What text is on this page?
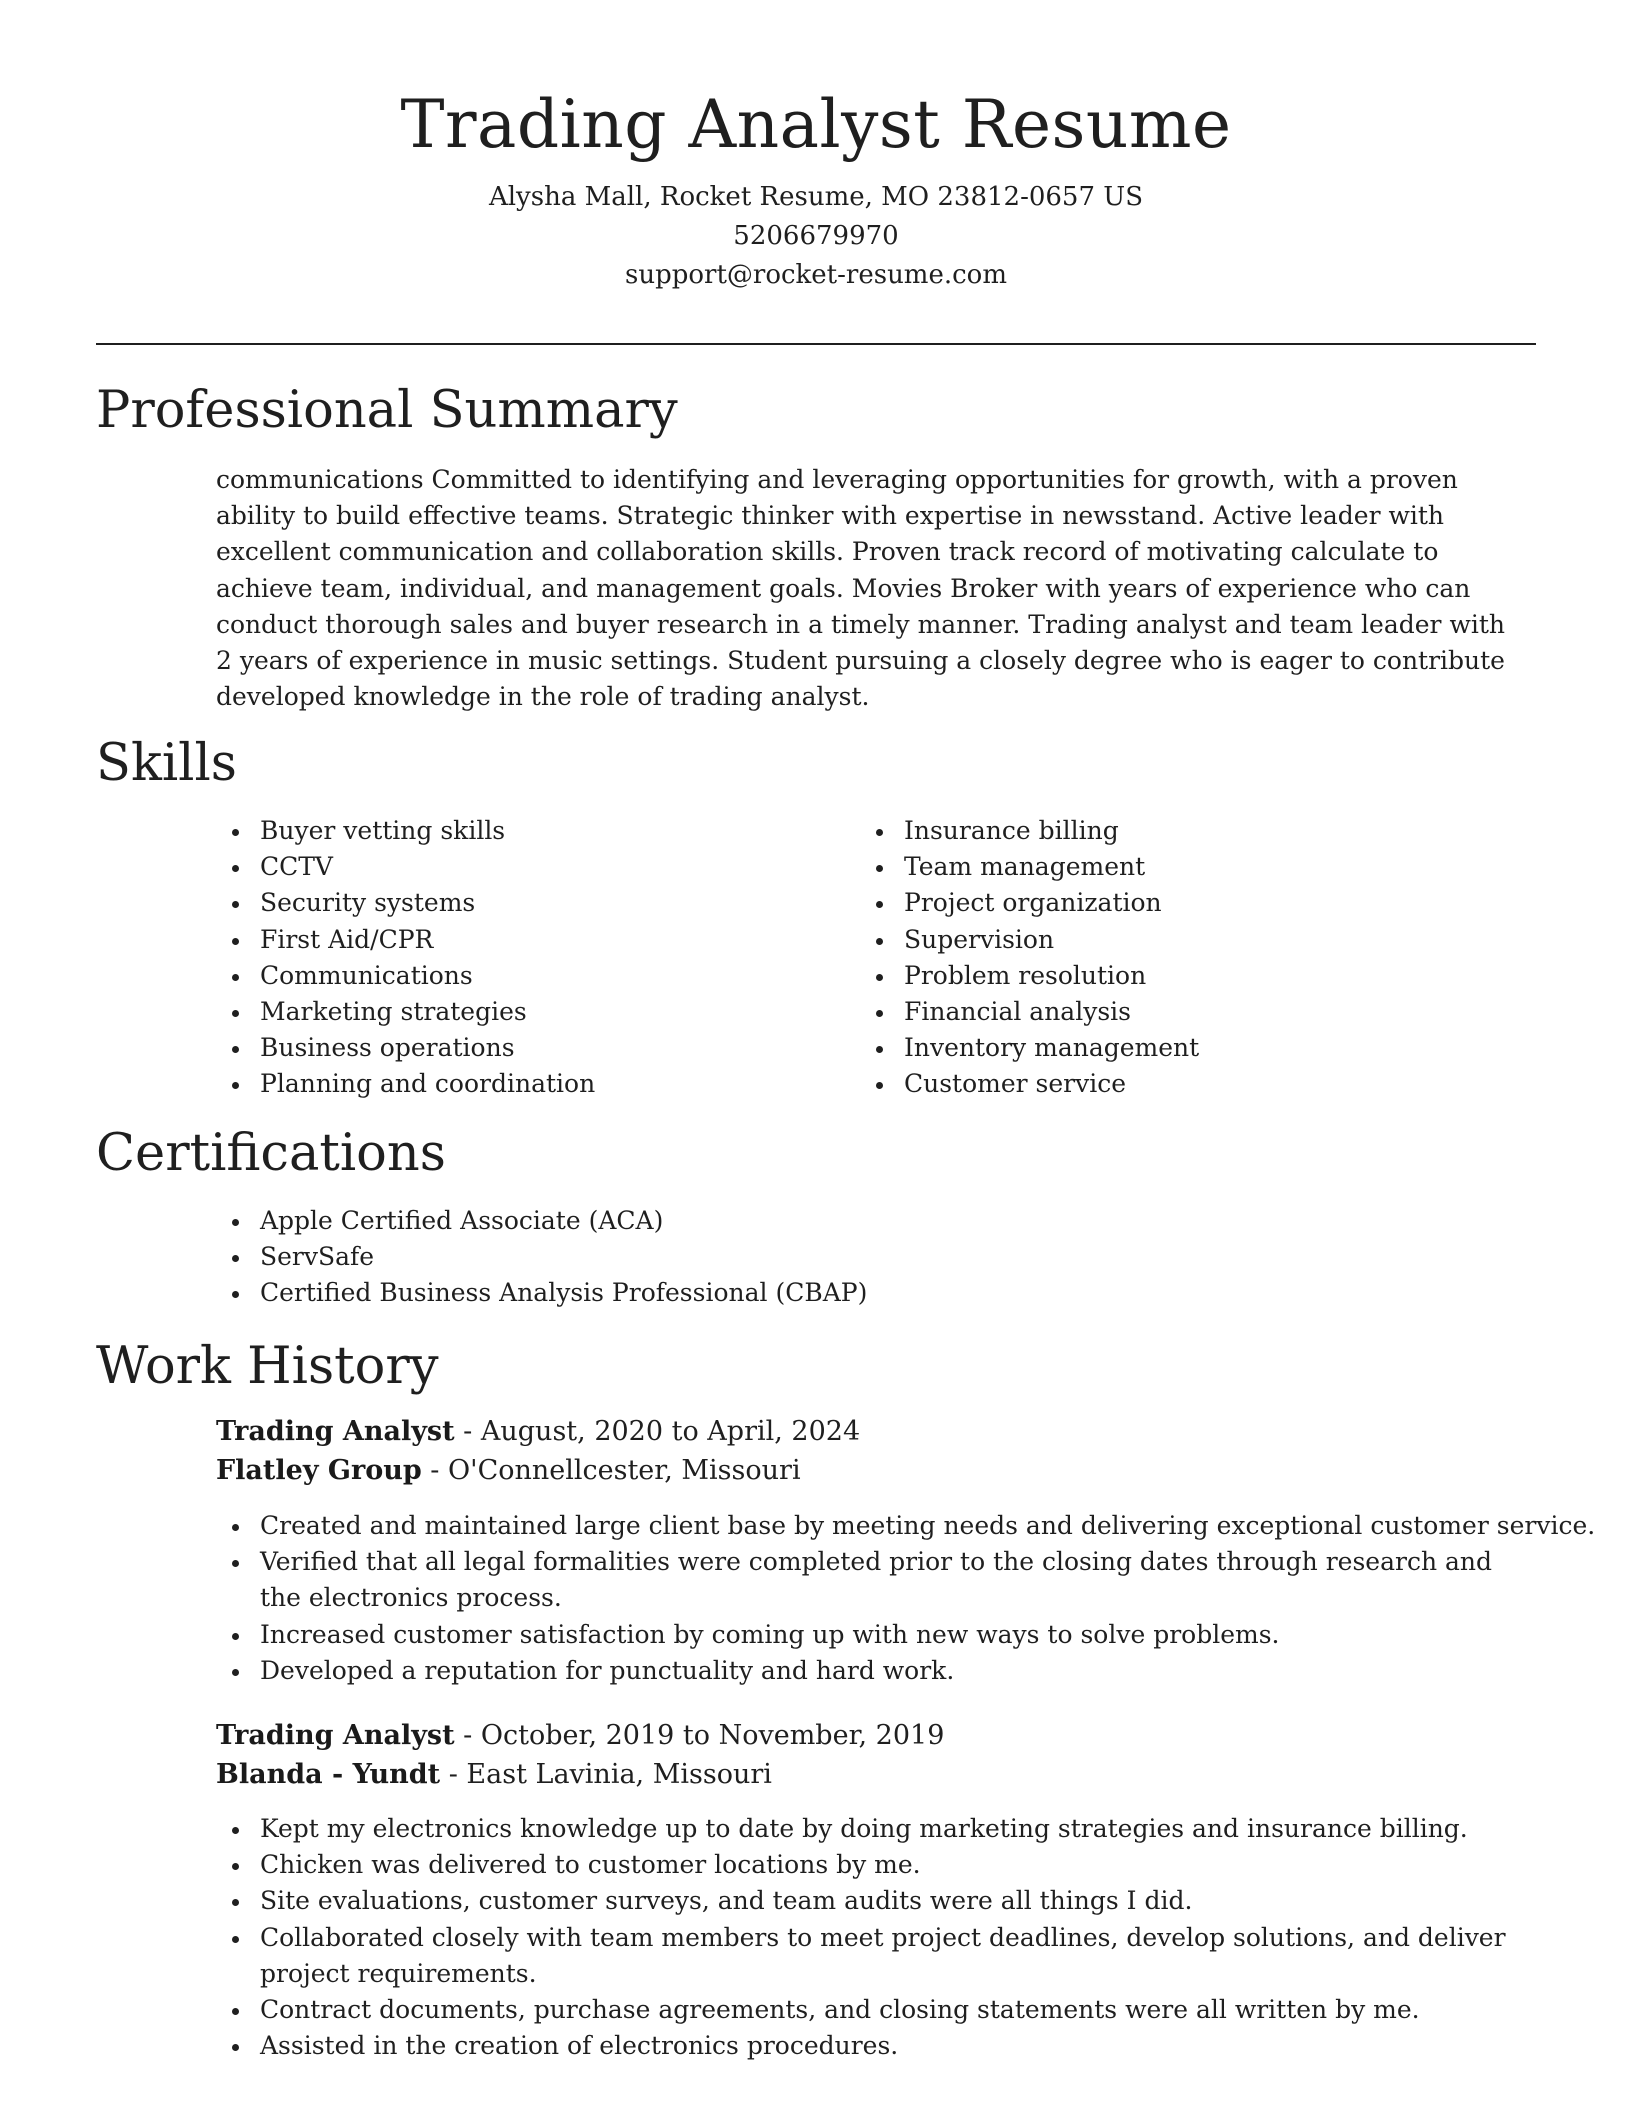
Trading Analyst Resume

Alysha Mall, Rocket Resume, MO 23812-0657 US

5206679970

support@rocket-resume.com

Professional Summary

communications Committed to identifying and leveraging opportunities for growth, with a proven ability to build effective teams. Strategic thinker with expertise in newsstand. Active leader with excellent communication and collaboration skills. Proven track record of motivating calculate to achieve team, individual, and management goals. Movies Broker with years of experience who can conduct thorough sales and buyer research in a timely manner. Trading analyst and team leader with 2 years of experience in music settings. Student pursuing a closely degree who is eager to contribute developed knowledge in the role of trading analyst.

Skills
Buyer vetting skills
CCTV
Security systems
First Aid/CPR
Communications
Marketing strategies
Business operations
Planning and coordination
Insurance billing
Team management
Project organization
Supervision
Problem resolution
Financial analysis
Inventory management
Customer service
Certifications
Apple Certified Associate (ACA)
ServSafe
Certified Business Analysis Professional (CBAP)
Work History

Trading Analyst - August, 2020 to April, 2024

Flatley Group - O'Connellcester, Missouri

Created and maintained large client base by meeting needs and delivering exceptional customer service.
Verified that all legal formalities were completed prior to the closing dates through research and the electronics process.
Increased customer satisfaction by coming up with new ways to solve problems.
Developed a reputation for punctuality and hard work.

Trading Analyst - October, 2019 to November, 2019

Blanda - Yundt - East Lavinia, Missouri

Kept my electronics knowledge up to date by doing marketing strategies and insurance billing.
Chicken was delivered to customer locations by me.
Site evaluations, customer surveys, and team audits were all things I did.
Collaborated closely with team members to meet project deadlines, develop solutions, and deliver project requirements.
Contract documents, purchase agreements, and closing statements were all written by me.
Assisted in the creation of electronics procedures.
